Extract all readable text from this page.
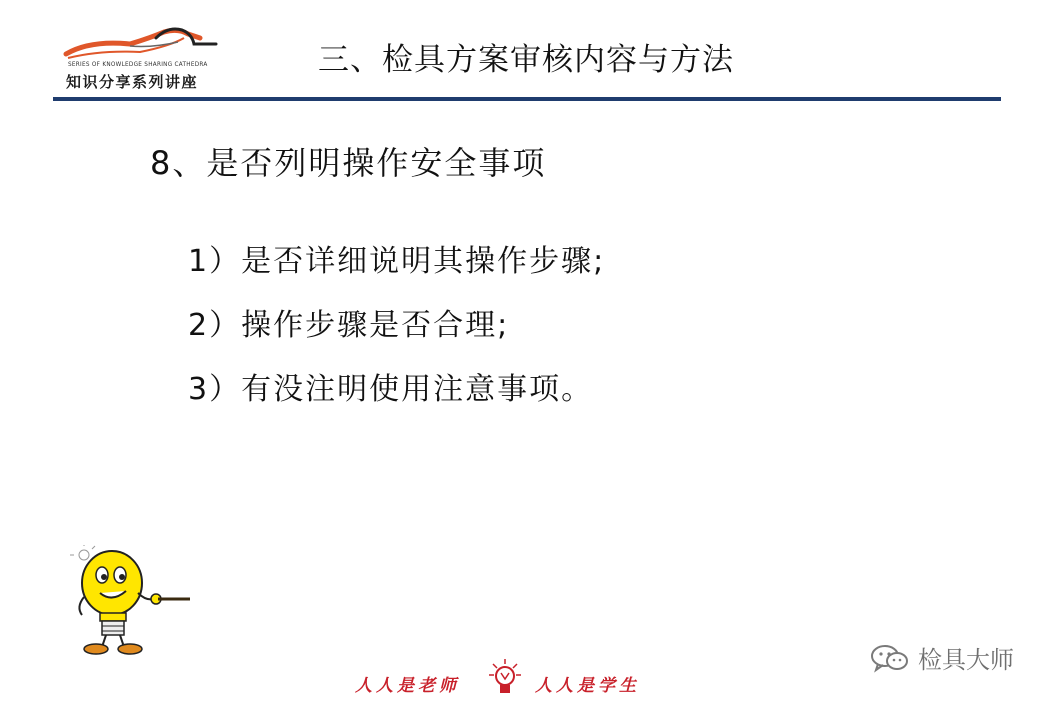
SERIES OF KNOWLEDGE SHARING CATHEDRA
知识分享系列讲座
三、检具方案审核内容与方法
8、是否列明操作安全事项
1）是否详细说明其操作步骤;
2）操作步骤是否合理;
3）有没注明使用注意事项。
检具大师
人人是老师	人人是学生
